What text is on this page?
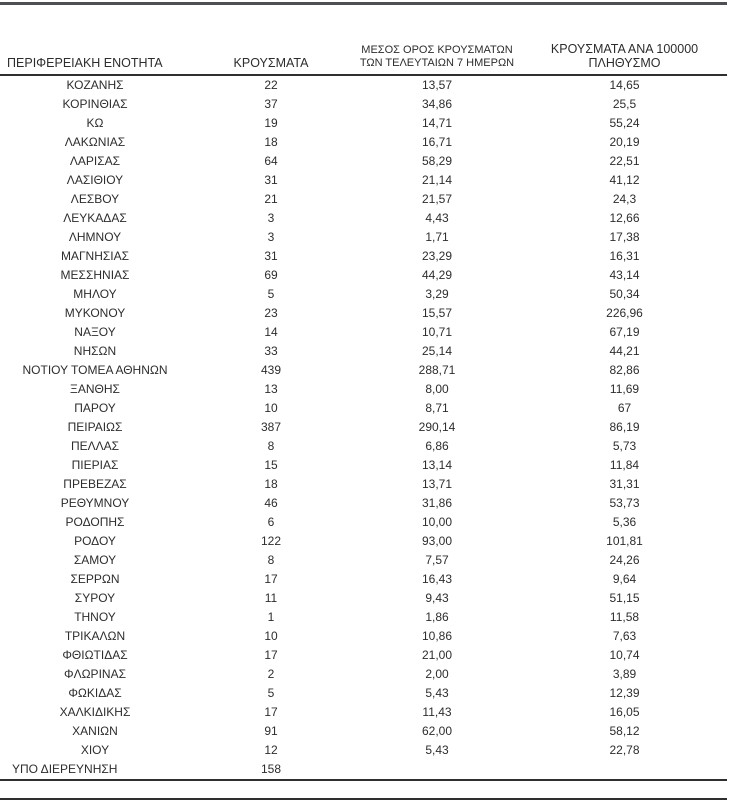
ΠΕΡΙΦΕΡΕΙΑΚΗ ΕΝΟΤΗΤΑ	ΚΡΟΥΣΜΑΤΑ	
ΜΕΣΟΣ ΟΡΟΣ ΚΡΟΥΣΜΑΤΩΝ
ΤΩΝ ΤΕΛΕΥΤΑΙΩΝ 7 ΗΜΕΡΩΝ

ΚΡΟΥΣΜΑΤΑ ΑΝΑ 100000
ΠΛΗΘΥΣΜΟ

ΚΟΖΑΝΗΣ	22	13,57	14,65
ΚΟΡΙΝΘΙΑΣ	37	34,86	25,5
ΚΩ	19	14,71	55,24
ΛΑΚΩΝΙΑΣ	18	16,71	20,19
ΛΑΡΙΣΑΣ	64	58,29	22,51
ΛΑΣΙΘΙΟΥ	31	21,14	41,12
ΛΕΣΒΟΥ	21	21,57	24,3
ΛΕΥΚΑΔΑΣ	3	4,43	12,66
ΛΗΜΝΟΥ	3	1,71	17,38
ΜΑΓΝΗΣΙΑΣ	31	23,29	16,31
ΜΕΣΣΗΝΙΑΣ	69	44,29	43,14
ΜΗΛΟΥ	5	3,29	50,34
ΜΥΚΟΝΟΥ	23	15,57	226,96
ΝΑΞΟΥ	14	10,71	67,19
ΝΗΣΩΝ	33	25,14	44,21
ΝΟΤΙΟΥ ΤΟΜΕΑ ΑΘΗΝΩΝ	439	288,71	82,86
ΞΑΝΘΗΣ	13	8,00	11,69
ΠΑΡΟΥ	10	8,71	67
ΠΕΙΡΑΙΩΣ	387	290,14	86,19
ΠΕΛΛΑΣ	8	6,86	5,73
ΠΙΕΡΙΑΣ	15	13,14	11,84
ΠΡΕΒΕΖΑΣ	18	13,71	31,31
ΡΕΘΥΜΝΟΥ	46	31,86	53,73
ΡΟΔΟΠΗΣ	6	10,00	5,36
ΡΟΔΟΥ	122	93,00	101,81
ΣΑΜΟΥ	8	7,57	24,26
ΣΕΡΡΩΝ	17	16,43	9,64
ΣΥΡΟΥ	11	9,43	51,15
ΤΗΝΟΥ	1	1,86	11,58
ΤΡΙΚΑΛΩΝ	10	10,86	7,63
ΦΘΙΩΤΙΔΑΣ	17	21,00	10,74
ΦΛΩΡΙΝΑΣ	2	2,00	3,89
ΦΩΚΙΔΑΣ	5	5,43	12,39
ΧΑΛΚΙΔΙΚΗΣ	17	11,43	16,05
ΧΑΝΙΩΝ	91	62,00	58,12
ΧΙΟΥ	12	5,43	22,78
ΥΠΟ ΔΙΕΡΕΥΝΗΣΗ	158		
